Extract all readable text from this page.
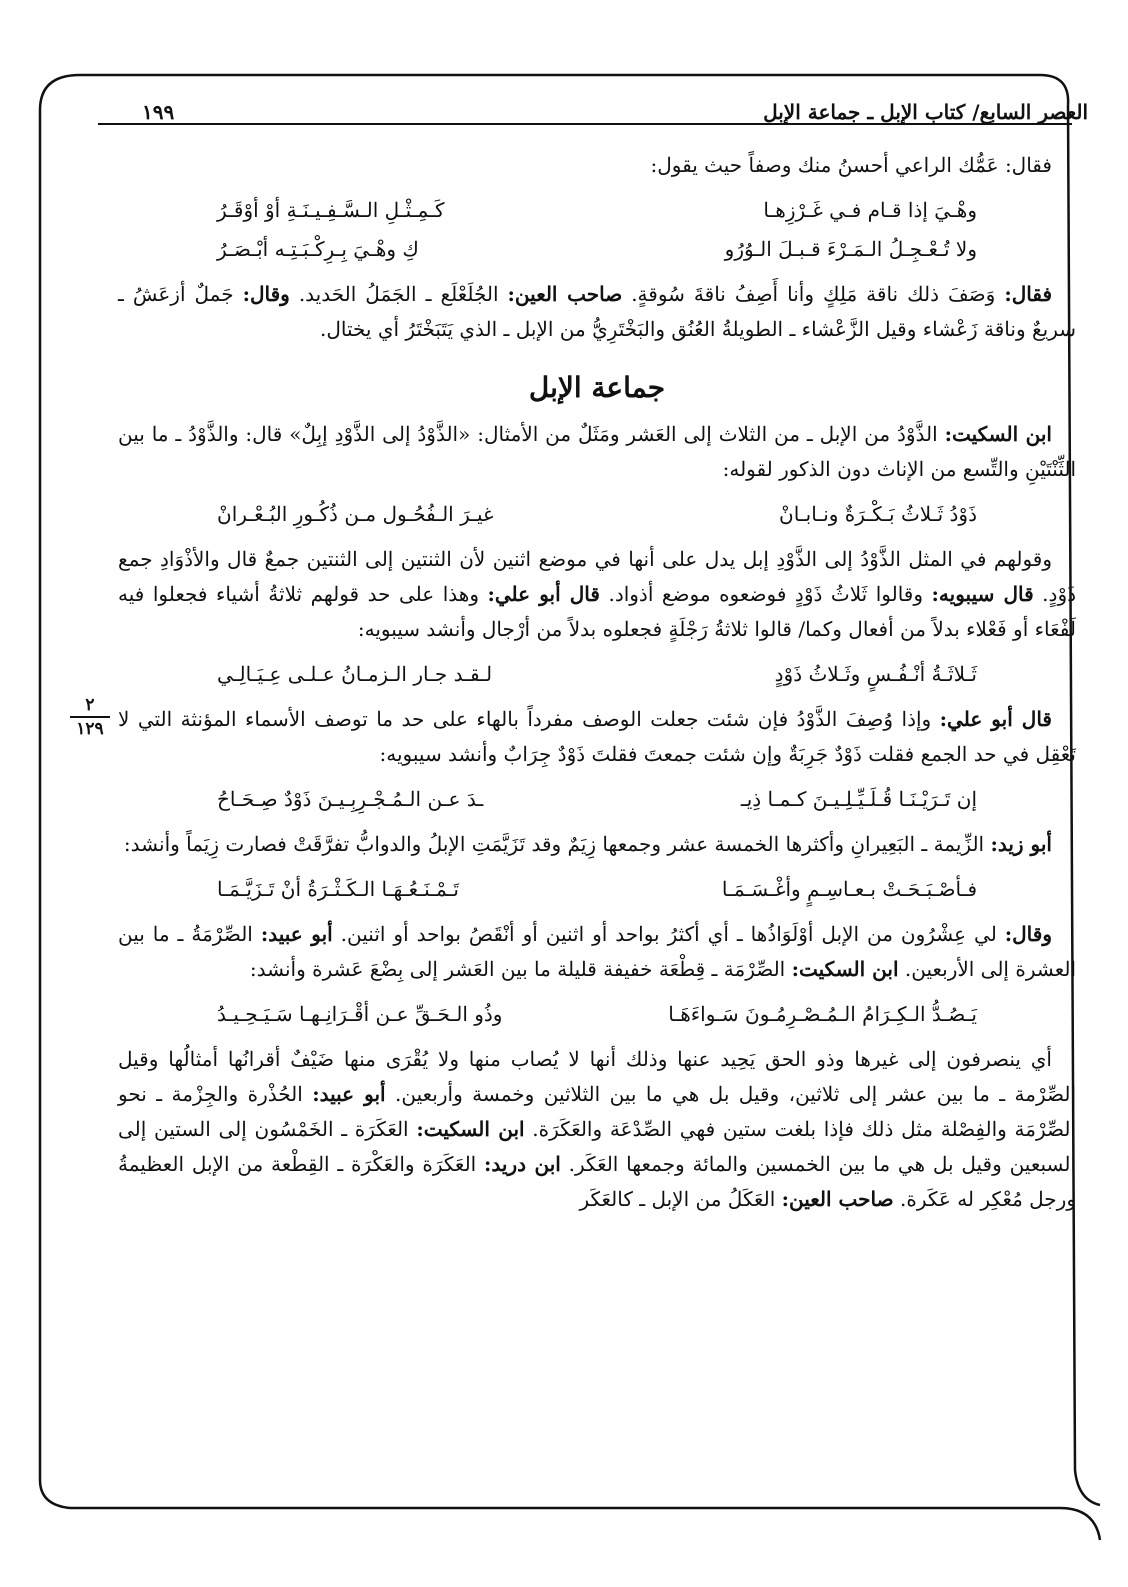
العصر السابع/ كتاب الإبل ـ جماعة الإبل
١٩٩
٢
١٢٩

فقال: عَمُّك الراعي أحسنُ منك وصفاً حيث يقول:

وهْـيَ إذا قـام فـي غَـرْزِهـا
كَـمِـثْـلِ الـسَّـفِـيـنَـةِ أوْ أوْقَـرُ
ولا تُـعْـجِـلُ الـمَـرْءَ قـبـلَ الـوُرُو
كِ وهْـيَ بِـرِكْـبَـتِـه أبْـصَـرُ

فقال: وَصَفَ ذلك ناقة مَلِكٍ وأنا أَصِفُ ناقةَ سُوقةٍ. صاحب العين: الجُلَعْلَع ـ الجَمَلُ الحَديد. وقال: جَملٌ أزعَشُ ـ سريعٌ وناقة زَعْشاء وقيل الزَّعْشاء ـ الطويلةُ العُنُق والبَخْتَرِيُّ من الإبل ـ الذي يَتَبَخْتَرُ أي يختال.

جماعة الإبل

ابن السكيت: الذَّوْدُ من الإبل ـ من الثلاث إلى العَشر ومَثَلٌ من الأمثال: «الذَّوْدُ إلى الذَّوْدِ إبِلٌ» قال: والذَّوْدُ ـ ما بين الثِّنْتَيْنِ والتِّسع من الإناث دون الذكور لقوله:

ذَوْدُ ثَـلاثُ بَـكْـرَةٌ ونـابـانْ
غيـرَ الـفُحُـول مـن ذُكُـورِ البُـعْـرانْ

وقولهم في المثل الذَّوْدُ إلى الذَّوْدِ إبل يدل على أنها في موضع اثنين لأن الثنتين إلى الثنتين جمعٌ قال والأذْوَادِ جمع ذَوْدٍ. قال سيبويه: وقالوا ثَلاثُ ذَوْدٍ فوضعوه موضع أذواد. قال أبو علي: وهذا على حد قولهم ثلاثةُ أشياء فجعلوا فيه لَفْعَاء أو فَعْلاء بدلاً من أفعال وكما/ قالوا ثلاثةُ رَجْلَةٍ فجعلوه بدلاً من أرْجال وأنشد سيبويه:

ثَـلاثَـةُ أنْـفُـسٍ وثَـلاثُ ذَوْدٍ
لـقـد جـار الـزمـانُ عـلـى عِـيَـالِـي

قال أبو علي: وإذا وُصِفَ الذَّوْدُ فإن شئت جعلت الوصف مفرداً بالهاء على حد ما توصف الأسماء المؤنثة التي لا تَعْقِل في حد الجمع فقلت ذَوْدٌ جَرِبَةٌ وإن شئت جمعتَ فقلتَ ذَوْدٌ جِرَابٌ وأنشد سيبويه:

إن تَـرَيْـنَـا قُـلَـيِّـلِـيـنَ كـمـا ذِيـ
ـدَ عـن الـمُـجْـرِبِـيـنَ ذَوْدٌ صِـحَـاحُ

أبو زيد: الزِّيمة ـ البَعِيرانِ وأكثرها الخمسة عشر وجمعها زِيَمٌ وقد تَزَيَّمَتِ الإبلُ والدوابُّ تفرَّقَتْ فصارت زِيَماً وأنشد:

فـأصْـبَـحَـتْ بـعـاسِـمٍ وأغْـسَـمَـا
تَـمْـنَـعُـهَـا الـكَـثْـرَةُ أنْ تَـزَيَّـمَـا

وقال: لي عِشْرُون من الإبل أوْلَوَاذُها ـ أي أكثرُ بواحد أو اثنين أو أنْقَصُ بواحد أو اثنين. أبو عبيد: الصِّرْمَةُ ـ ما بين العشرة إلى الأربعين. ابن السكيت: الصِّرْمَة ـ قِطْعَة خفيفة قليلة ما بين العَشر إلى بِضْعَ عَشرة وأنشد:

يَـصُـدُّ الـكِـرَامُ الـمُـصْـرِمُـونَ سَـواءَهَـا
وذُو الـحَـقِّ عـن أقْـرَانِـهـا سَـيَـحِـيـدُ

أي ينصرفون إلى غيرها وذو الحق يَحِيد عنها وذلك أنها لا يُصاب منها ولا يُقْرَى منها ضَيْفٌ أقرانُها أمثالُها وقيل الصِّرْمة ـ ما بين عشر إلى ثلاثين، وقيل بل هي ما بين الثلاثين وخمسة وأربعين. أبو عبيد: الحُذْرة والجِزْمة ـ نحو الصِّرْمَة والفِصْلة مثل ذلك فإذا بلغت ستين فهي الصِّدْعَة والعَكَرَة. ابن السكيت: العَكَرَة ـ الخَمْسُون إلى الستين إلى السبعين وقيل بل هي ما بين الخمسين والمائة وجمعها العَكَر. ابن دريد: العَكَرَة والعَكْرَة ـ القِطْعة من الإبل العظيمةُ ورجل مُعْكِر له عَكَرة. صاحب العين: العَكَلُ من الإبل ـ كالعَكَر
